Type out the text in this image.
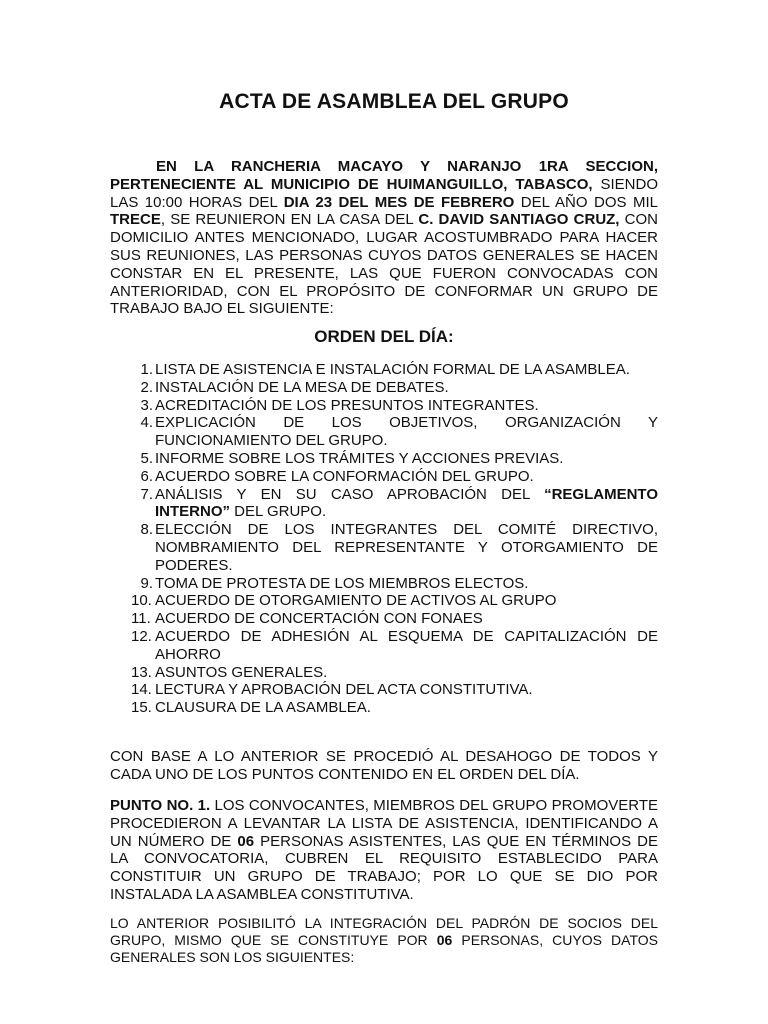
ACTA DE ASAMBLEA DEL GRUPO

EN LA RANCHERIA MACAYO Y NARANJO 1RA SECCION, PERTENECIENTE AL MUNICIPIO DE HUIMANGUILLO, TABASCO, SIENDO LAS 10:00 HORAS DEL DIA 23 DEL MES DE FEBRERO DEL AÑO DOS MIL TRECE, SE REUNIERON EN LA CASA DEL C. DAVID SANTIAGO CRUZ, CON DOMICILIO ANTES MENCIONADO, LUGAR ACOSTUMBRADO PARA HACER SUS REUNIONES, LAS PERSONAS CUYOS DATOS GENERALES SE HACEN CONSTAR EN EL PRESENTE, LAS QUE FUERON CONVOCADAS CON ANTERIORIDAD, CON EL PROPÓSITO DE CONFORMAR UN GRUPO DE TRABAJO BAJO EL SIGUIENTE:

ORDEN DEL DÍA:
1. LISTA DE ASISTENCIA E INSTALACIÓN FORMAL DE LA ASAMBLEA.
2. INSTALACIÓN DE LA MESA DE DEBATES.
3. ACREDITACIÓN DE LOS PRESUNTOS INTEGRANTES.
4. EXPLICACIÓN DE LOS OBJETIVOS, ORGANIZACIÓN Y FUNCIONAMIENTO DEL GRUPO.
5. INFORME SOBRE LOS TRÁMITES Y ACCIONES PREVIAS.
6. ACUERDO SOBRE LA CONFORMACIÓN DEL GRUPO.
7. ANÁLISIS Y EN SU CASO APROBACIÓN DEL “REGLAMENTO INTERNO” DEL GRUPO.
8. ELECCIÓN DE LOS INTEGRANTES DEL COMITÉ DIRECTIVO, NOMBRAMIENTO DEL REPRESENTANTE Y OTORGAMIENTO DE PODERES.
9. TOMA DE PROTESTA DE LOS MIEMBROS ELECTOS.
10. ACUERDO DE OTORGAMIENTO DE ACTIVOS AL GRUPO
11. ACUERDO DE CONCERTACIÓN CON FONAES
12. ACUERDO DE ADHESIÓN AL ESQUEMA DE CAPITALIZACIÓN DE AHORRO
13. ASUNTOS GENERALES.
14. LECTURA Y APROBACIÓN DEL ACTA CONSTITUTIVA.
15. CLAUSURA DE LA ASAMBLEA.

CON BASE A LO ANTERIOR SE PROCEDIÓ AL DESAHOGO DE TODOS Y CADA UNO DE LOS PUNTOS CONTENIDO EN EL ORDEN DEL DÍA.

PUNTO NO. 1. LOS CONVOCANTES, MIEMBROS DEL GRUPO PROMOVERTE PROCEDIERON A LEVANTAR LA LISTA DE ASISTENCIA, IDENTIFICANDO A UN NÚMERO DE 06 PERSONAS ASISTENTES, LAS QUE EN TÉRMINOS DE LA CONVOCATORIA, CUBREN EL REQUISITO ESTABLECIDO PARA CONSTITUIR UN GRUPO DE TRABAJO; POR LO QUE SE DIO POR INSTALADA LA ASAMBLEA CONSTITUTIVA.

LO ANTERIOR POSIBILITÓ LA INTEGRACIÓN DEL PADRÓN DE SOCIOS DEL GRUPO, MISMO QUE SE CONSTITUYE POR 06 PERSONAS, CUYOS DATOS GENERALES SON LOS SIGUIENTES:
